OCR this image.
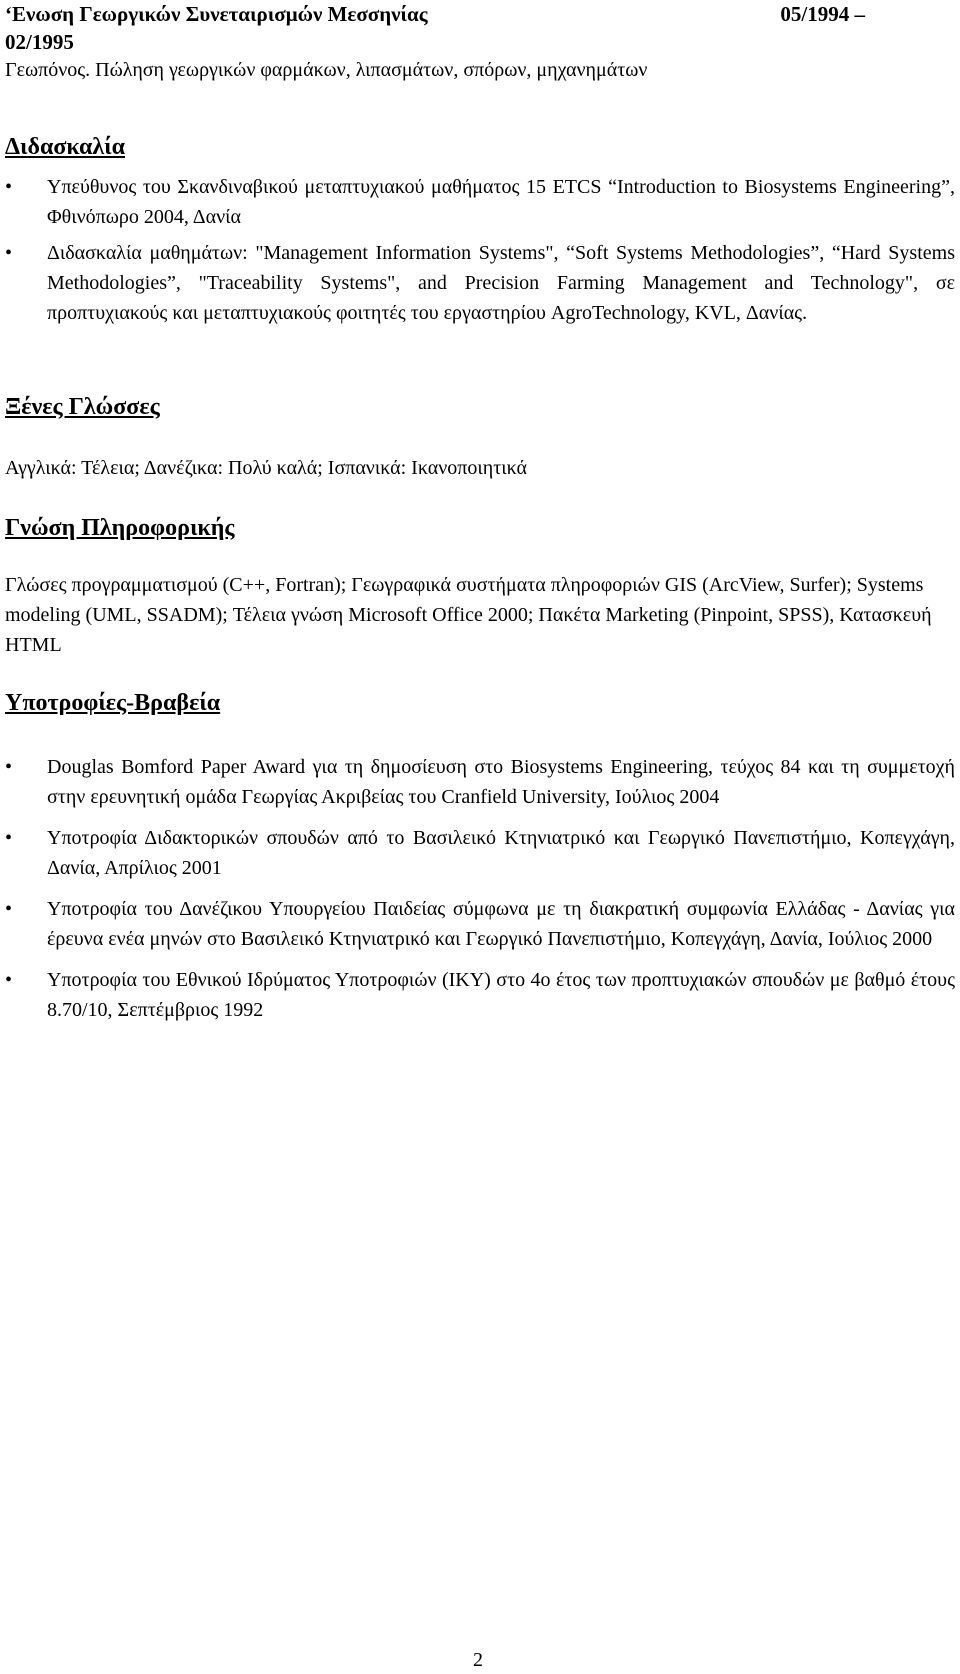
‘Ενωση Γεωργικών Συνεταιρισμών Μεσσηνίας	05/1994 –
02/1995
Γεωπόνος. Πώληση γεωργικών φαρμάκων, λιπασμάτων, σπόρων, μηχανημάτων
Διδασκαλία
• Υπεύθυνος του Σκανδιναβικού μεταπτυχιακού μαθήματος 15 ETCS “Introduction to Biosystems Engineering”, Φθινόπωρο 2004, Δανία
• Διδασκαλία μαθημάτων: "Management Information Systems", “Soft Systems Methodologies”, “Hard Systems Methodologies”, "Traceability Systems", and Precision Farming Management and Technology", σε προπτυχιακούς και μεταπτυχιακούς φοιτητές του εργαστηρίου AgroTechnology, KVL, Δανίας.
Ξένες Γλώσσες
Αγγλικά: Τέλεια; Δανέζικα: Πολύ καλά; Ισπανικά: Ικανοποιητικά
Γνώση Πληροφορικής
Γλώσες προγραμματισμού (C++, Fortran); Γεωγραφικά συστήματα πληροφοριών GIS (ArcView, Surfer); Systems modeling (UML, SSADM); Τέλεια γνώση Microsoft Office 2000; Πακέτα Marketing (Pinpoint, SPSS), Κατασκευή HTML
Υποτροφίες-Βραβεία
• Douglas Bomford Paper Award για τη δημοσίευση στο Biosystems Engineering, τεύχος 84 και τη συμμετοχή στην ερευνητική ομάδα Γεωργίας Ακριβείας του Cranfield University, Ιούλιος 2004
• Υποτροφία Διδακτορικών σπουδών από το Βασιλεικό Κτηνιατρικό και Γεωργικό Πανεπιστήμιο, Κοπεγχάγη, Δανία, Απρίλιος 2001
• Υποτροφία του Δανέζικου Υπουργείου Παιδείας σύμφωνα με τη διακρατική συμφωνία Ελλάδας - Δανίας για έρευνα ενέα μηνών στο Βασιλεικό Κτηνιατρικό και Γεωργικό Πανεπιστήμιο, Κοπεγχάγη, Δανία, Ιούλιος 2000
• Υποτροφία του Εθνικού Ιδρύματος Υποτροφιών (ΙΚΥ) στο 4ο έτος των προπτυχιακών σπουδών με βαθμό έτους 8.70/10, Σεπτέμβριος 1992
2
